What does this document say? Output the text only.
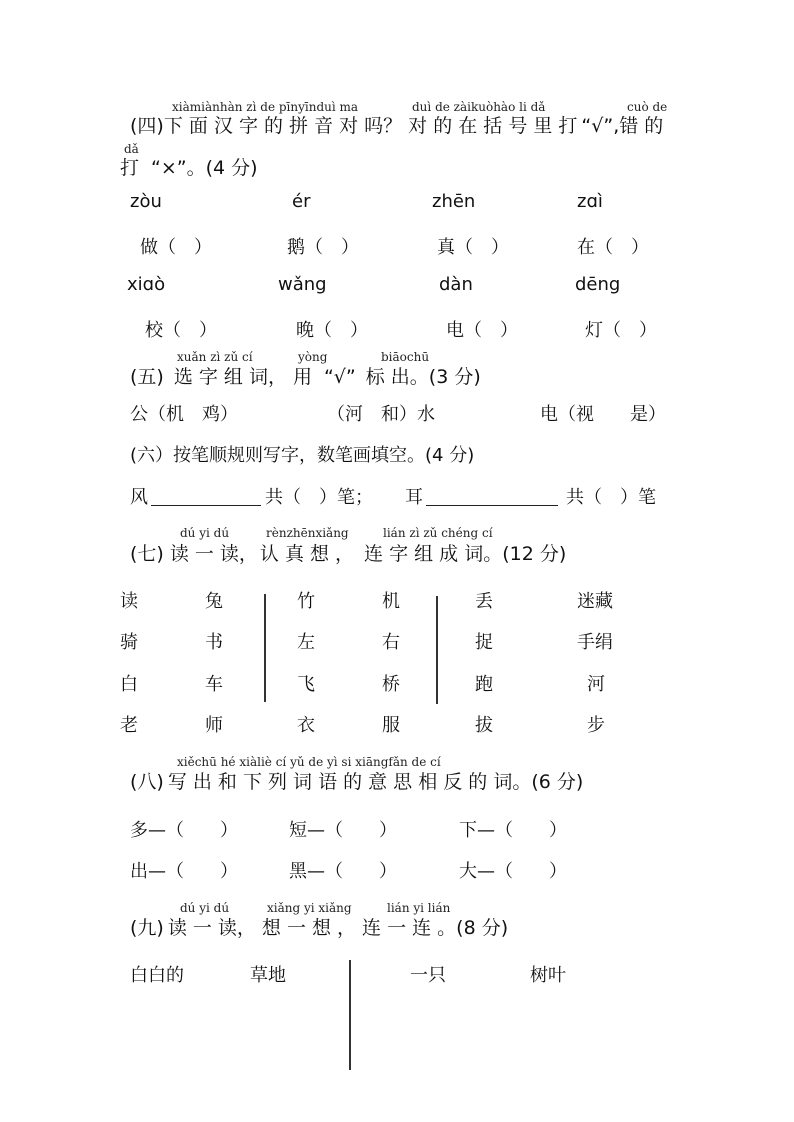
xiàmiànhàn zì de pīnyīnduì ma	duì de zàikuòhào li dǎ	cuò de
(四)下 面 汉 字 的 拼 音 对 吗？ 对 的 在 括 号 里 打 “√”,错 的
dǎ
打 “×”。(4 分)
zòu	ér	zhēn	zɑì
做（　）	鹅（　）	真（　）	在（　）
xiɑò	wǎng	dàn	dēng
校（　）	晚（　）	电（　）	灯（　）
xuǎn zì zǔ cí	yòng	biāochū
(五) 选 字 组 词， 用 “√” 标 出。(3 分)
公（机　鸡）	（河　和）水	电（视　　是）
(六）按笔顺规则写字，数笔画填空。(4 分)
风	共（　）笔； 耳	共（　）笔
dú yi dú	rènzhēnxiǎng	lián zì zǔ chéng cí
(七) 读 一 读， 认 真 想 ， 连 字 组 成 词。(12 分)
读	兔	竹	机	丢	迷藏
骑	书	左	右	捉	手绢
白	车	飞	桥	跑	河
老	师	衣	服	拔	步
xiěchū hé xiàliè cí yǔ de yì si xiāngfǎn de cí
(八) 写 出 和 下 列 词 语 的 意 思 相 反 的 词。(6 分)
多—（　　）	短—（　　）	下—（　　）
出—（　　）	黑—（　　）	大—（　　）
dú yi dú	xiǎng yi xiǎng	lián yi lián
(九) 读 一 读， 想 一 想 ， 连 一 连 。(8 分)
白白的	草地	一只	树叶
